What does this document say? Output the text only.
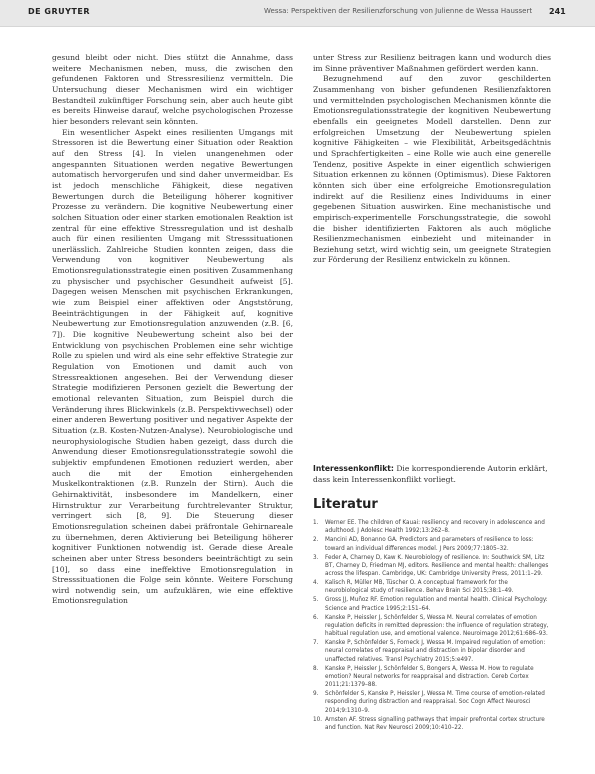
DE GRUYTER	Wessa: Perspektiven der Resilienzforschung von Julienne de Wessa Haussert 241

gesund bleibt oder nicht. Dies stützt die Annahme, dass weitere Mechanismen neben, muss, die zwischen den gefundenen Faktoren und Stressresilienz vermitteln. Die Untersuchung dieser Mechanismen wird ein wichtiger Bestandteil zukünftiger Forschung sein, aber auch heute gibt es bereits Hinweise darauf, welche psychologischen Prozesse hier besonders relevant sein könnten.

Ein wesentlicher Aspekt eines resilienten Umgangs mit Stressoren ist die Bewertung einer Situation oder Reaktion auf den Stress [4]. In vielen unangenehmen oder angespannten Situationen werden negative Bewertungen automatisch hervorgerufen und sind daher unvermeidbar. Es ist jedoch menschliche Fähigkeit, diese negativen Bewertungen durch die Beteiligung höherer kognitiver Prozesse zu verändern. Die kognitive Neubewertung einer solchen Situation oder einer starken emotionalen Reaktion ist zentral für eine effektive Stressregulation und ist deshalb auch für einen resilienten Umgang mit Stresssituationen unerlässlich. Zahlreiche Studien konnten zeigen, dass die Verwendung von kognitiver Neubewertung als Emotionsregulationsstrategie einen positiven Zusammenhang zu physischer und psychischer Gesundheit aufweist [5]. Dagegen weisen Menschen mit psychischen Erkrankungen, wie zum Beispiel einer affektiven oder Angststörung, Beeinträchtigungen in der Fähigkeit auf, kognitive Neubewertung zur Emotionsregulation anzuwenden (z.B. [6, 7]). Die kognitive Neubewertung scheint also bei der Entwicklung von psychischen Problemen eine sehr wichtige Rolle zu spielen und wird als eine sehr effektive Strategie zur Regulation von Emotionen und damit auch von Stressreaktionen angesehen. Bei der Verwendung dieser Strategie modifizieren Personen gezielt die Bewertung der emotional relevanten Situation, zum Beispiel durch die Veränderung ihres Blickwinkels (z.B. Perspektivwechsel) oder einer anderen Bewertung positiver und negativer Aspekte der Situation (z.B. Kosten-Nutzen-Analyse). Neurobiologische und neurophysiologische Studien haben gezeigt, dass durch die Anwendung dieser Emotionsregulationsstrategie sowohl die subjektiv empfundenen Emotionen reduziert werden, aber auch die mit der Emotion einhergehenden Muskelkontraktionen (z.B. Runzeln der Stirn). Auch die Gehirnaktivität, insbesondere im Mandelkern, einer Hirnstruktur zur Verarbeitung furchtrelevanter Struktur, verringert sich [8, 9]. Die Steuerung dieser Emotionsregulation scheinen dabei präfrontale Gehirnareale zu übernehmen, deren Aktivierung bei Beteiligung höherer kognitiver Funktionen notwendig ist. Gerade diese Areale scheinen aber unter Stress besonders beeinträchtigt zu sein [10], so dass eine ineffektive Emotionsregulation in Stresssituationen die Folge sein könnte. Weitere Forschung wird notwendig sein, um aufzuklären, wie eine effektive Emotionsregulation

unter Stress zur Resilienz beitragen kann und wodurch dies im Sinne präventiver Maßnahmen gefördert werden kann.

Bezugnehmend auf den zuvor geschilderten Zusammenhang von bisher gefundenen Resilienzfaktoren und vermittelnden psychologischen Mechanismen könnte die Emotionsregulationsstrategie der kognitiven Neubewertung ebenfalls ein geeignetes Modell darstellen. Denn zur erfolgreichen Umsetzung der Neubewertung spielen kognitive Fähigkeiten – wie Flexibilität, Arbeitsgedächtnis und Sprachfertigkeiten – eine Rolle wie auch eine generelle Tendenz, positive Aspekte in einer eigentlich schwierigen Situation erkennen zu können (Optimismus). Diese Faktoren könnten sich über eine erfolgreiche Emotionsregulation indirekt auf die Resilienz eines Individuums in einer gegebenen Situation auswirken. Eine mechanistische und empirisch-experimentelle Forschungsstrategie, die sowohl die bisher identifizierten Faktoren als auch mögliche Resilienzmechanismen einbezieht und miteinander in Beziehung setzt, wird wichtig sein, um geeignete Strategien zur Förderung der Resilienz entwickeln zu können.

Interessenkonflikt: Die korrespondierende Autorin erklärt, dass kein Interessenkonflikt vorliegt.
Literatur
1. Werner EE. The children of Kauai: resiliency and recovery in adolescence and adulthood. J Adolesc Health 1992;13:262–8.
2. Mancini AD, Bonanno GA. Predictors and parameters of resilience to loss: toward an individual differences model. J Pers 2009;77:1805–32.
3. Feder A, Charney D, Kaw K. Neurobiology of resilience. In: Southwick SM, Litz BT, Charney D, Friedman MJ, editors. Resilience and mental health: challenges across the lifespan. Cambridge, UK: Cambridge University Press, 2011:1–29.
4. Kalisch R, Müller MB, Tüscher O. A conceptual framework for the neurobiological study of resilience. Behav Brain Sci 2015;38:1–49.
5. Gross JJ, Muñoz RF. Emotion regulation and mental health. Clinical Psychology: Science and Practice 1995;2:151–64.
6. Kanske P, Heissler J, Schönfelder S, Wessa M. Neural correlates of emotion regulation deficits in remitted depression: the influence of regulation strategy, habitual regulation use, and emotional valence. Neuroimage 2012;61:686–93.
7. Kanske P, Schönfelder S, Forneck J, Wessa M. Impaired regulation of emotion: neural correlates of reappraisal and distraction in bipolar disorder and unaffected relatives. Transl Psychiatry 2015;5:e497.
8. Kanske P, Heissler J, Schönfelder S, Bongers A, Wessa M. How to regulate emotion? Neural networks for reappraisal and distraction. Cereb Cortex 2011;21:1379–88.
9. Schönfelder S, Kanske P, Heissler J, Wessa M. Time course of emotion-related responding during distraction and reappraisal. Soc Cogn Affect Neurosci 2014;9:1310–9.
10. Arnsten AF. Stress signalling pathways that impair prefrontal cortex structure and function. Nat Rev Neurosci 2009;10:410–22.
